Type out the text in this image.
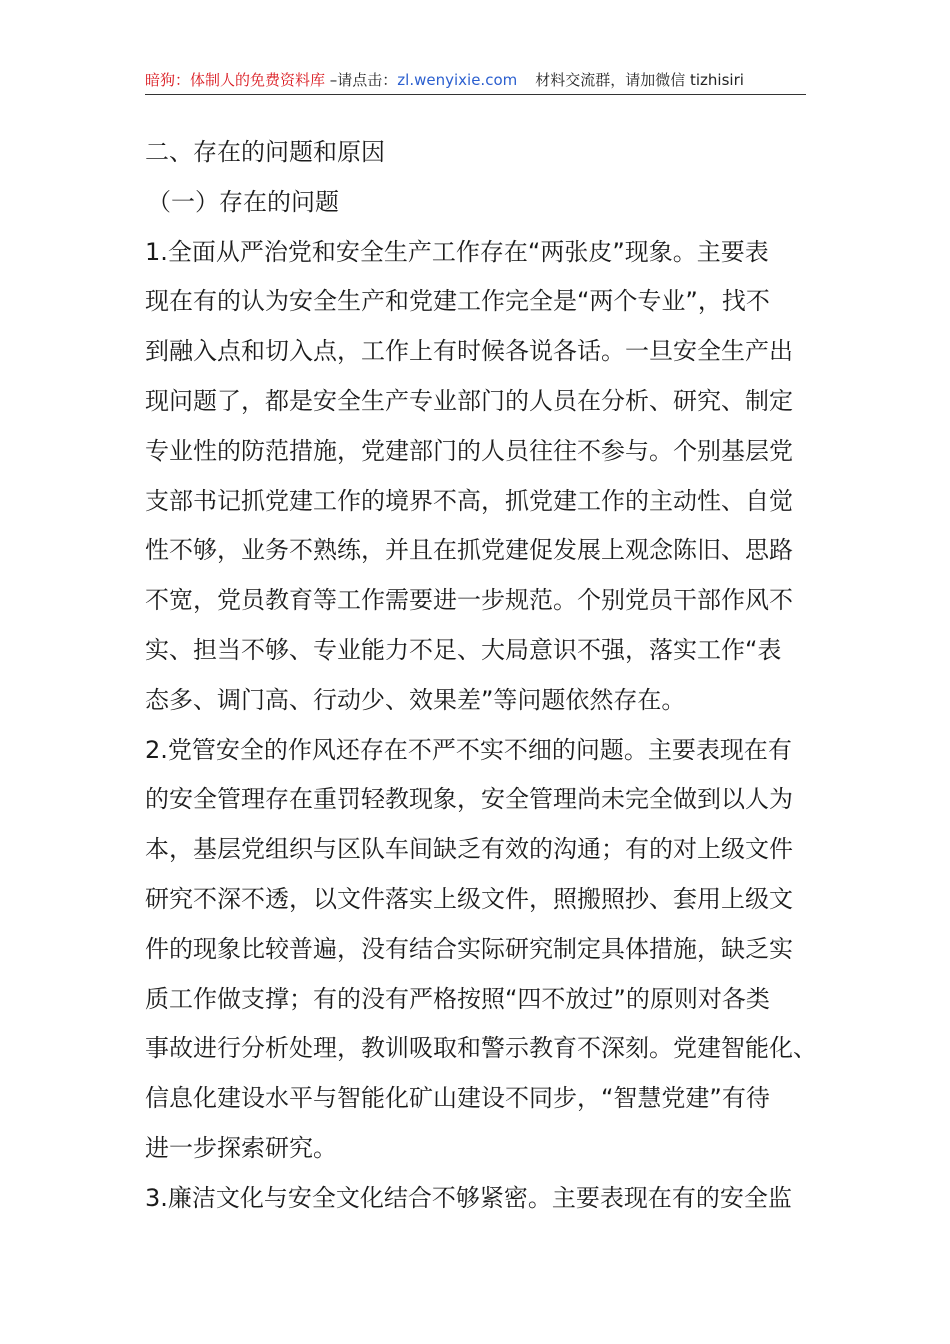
暗狗：体制人的免费资料库 –请点击：zl.wenyixie.com 材料交流群，请加微信 tizhisiri
二、存在的问题和原因
（一）存在的问题
1.全面从严治党和安全生产工作存在“两张皮”现象。主要表
现在有的认为安全生产和党建工作完全是“两个专业”，找不
到融入点和切入点，工作上有时候各说各话。一旦安全生产出
现问题了，都是安全生产专业部门的人员在分析、研究、制定
专业性的防范措施，党建部门的人员往往不参与。个别基层党
支部书记抓党建工作的境界不高，抓党建工作的主动性、自觉
性不够，业务不熟练，并且在抓党建促发展上观念陈旧、思路
不宽，党员教育等工作需要进一步规范。个别党员干部作风不
实、担当不够、专业能力不足、大局意识不强，落实工作“表
态多、调门高、行动少、效果差”等问题依然存在。
2.党管安全的作风还存在不严不实不细的问题。主要表现在有
的安全管理存在重罚轻教现象，安全管理尚未完全做到以人为
本，基层党组织与区队车间缺乏有效的沟通；有的对上级文件
研究不深不透，以文件落实上级文件，照搬照抄、套用上级文
件的现象比较普遍，没有结合实际研究制定具体措施，缺乏实
质工作做支撑；有的没有严格按照“四不放过”的原则对各类
事故进行分析处理，教训吸取和警示教育不深刻。党建智能化、
信息化建设水平与智能化矿山建设不同步，“智慧党建”有待
进一步探索研究。
3.廉洁文化与安全文化结合不够紧密。主要表现在有的安全监
